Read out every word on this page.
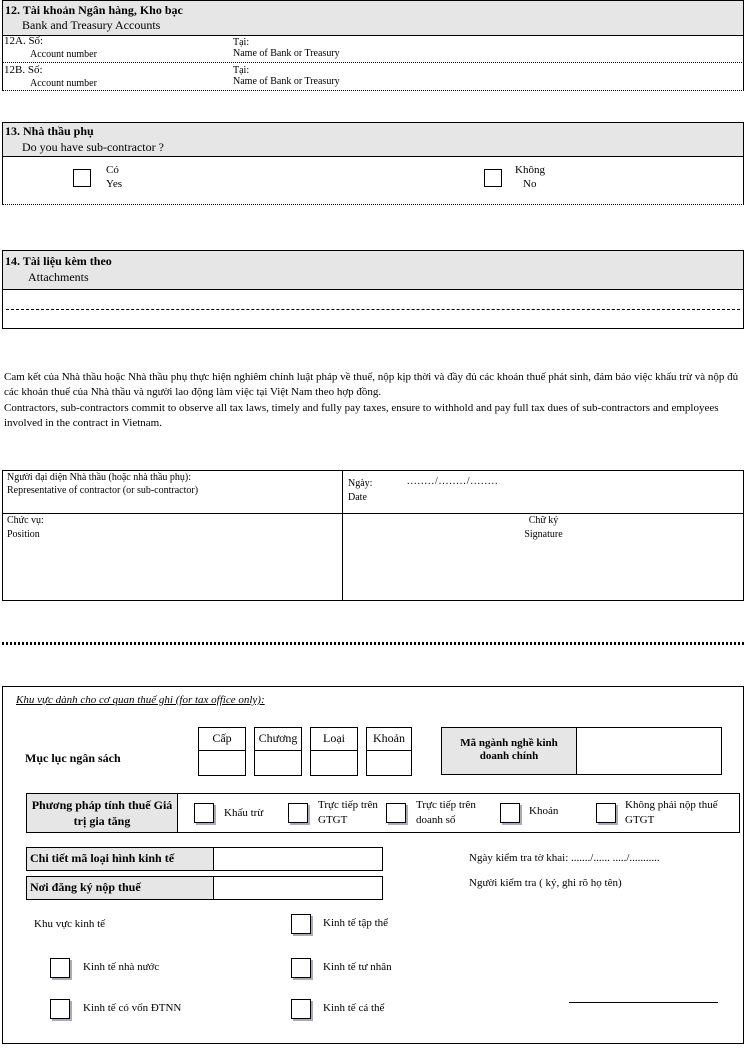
12. Tài khoản Ngân hàng, Kho bạc
Bank and Treasury Accounts
12A. Số:
Account number
Tại:
Name of Bank or Treasury
12B. Số:
Account number
Tại:
Name of Bank or Treasury
13. Nhà thầu phụ
Do you have sub-contractor ?
Có
Yes
Không
No
14. Tài liệu kèm theo
Attachments
Cam kết của Nhà thầu hoặc Nhà thầu phụ thực hiện nghiêm chỉnh luật pháp về thuế, nộp kịp thời và đầy đủ các khoản thuế phát sinh, đảm bảo việc khấu trừ và nộp đủ các khoản thuế của Nhà thầu và người lao động làm việc tại Việt Nam theo hợp đồng.
Contractors, sub-contractors commit to observe all tax laws, timely and fully pay taxes, ensure to withhold and pay full tax dues of sub-contractors and employees involved in the contract in Vietnam.
Người đại diện Nhà thầu (hoặc nhà thầu phụ):
Representative of contractor (or sub-contractor)
Ngày:
Date
......../......../........
Chức vụ:
Position
Chữ ký
Signature
Khu vực dành cho cơ quan thuế ghi (for tax office only):
Mục lục ngân sách
Cấp	Chương	Loại	Khoản	Mã ngành nghề kinh doanh chính
Phương pháp tính thuế Giá trị gia tăng
Khấu trừ
Trực tiếp trên GTGT
Trực tiếp trên doanh số
Khoán	Không phải nộp thuế GTGT
Chi tiết mã loại hình kinh tế
Nơi đăng ký nộp thuế
Ngày kiểm tra tờ khai: ......./...... ...../...........
Người kiểm tra ( ký, ghi rõ họ tên)
Khu vực kinh tế	Kinh tế tập thể
Kinh tế nhà nước	Kinh tế tư nhân
Kinh tế có vốn ĐTNN	Kinh tế cá thể
